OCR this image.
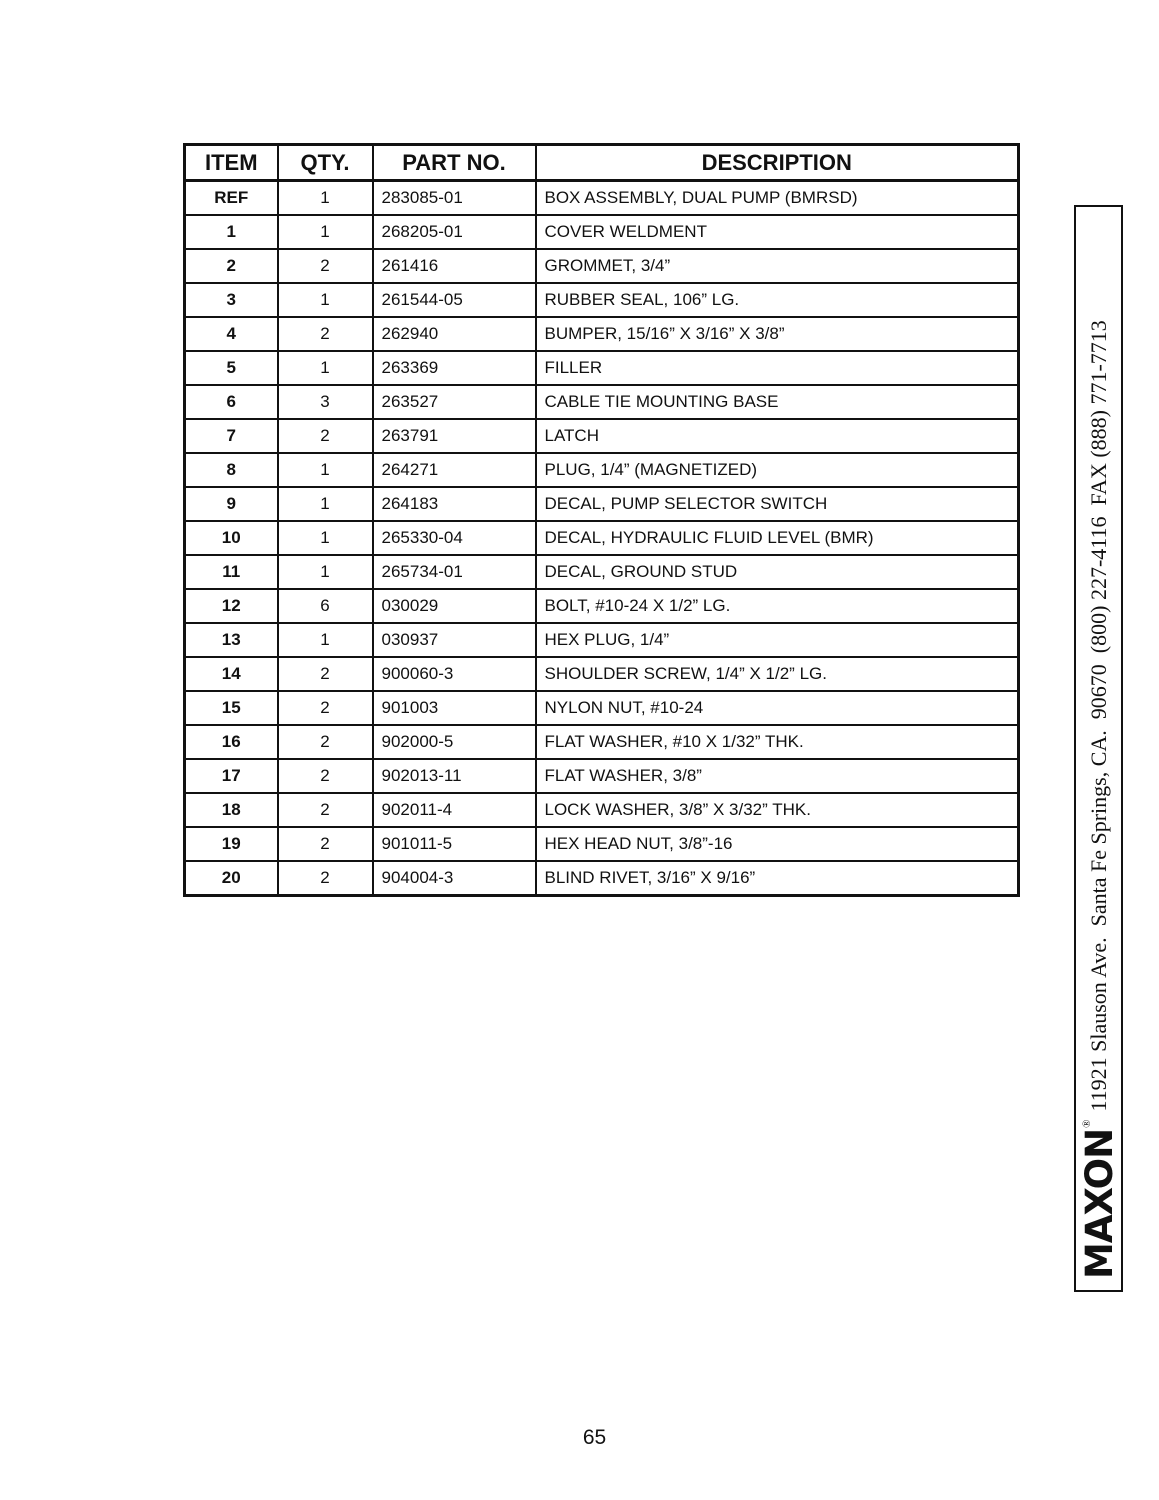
ITEM	QTY.	PART NO.	DESCRIPTION
REF	1	283085-01	BOX ASSEMBLY, DUAL PUMP (BMRSD)
1	1	268205-01	COVER WELDMENT
2	2	261416	GROMMET, 3/4”
3	1	261544-05	RUBBER SEAL, 106” LG.
4	2	262940	BUMPER, 15/16” X 3/16” X 3/8”
5	1	263369	FILLER
6	3	263527	CABLE TIE MOUNTING BASE
7	2	263791	LATCH
8	1	264271	PLUG, 1/4” (MAGNETIZED)
9	1	264183	DECAL, PUMP SELECTOR SWITCH
10	1	265330-04	DECAL, HYDRAULIC FLUID LEVEL (BMR)
11	1	265734-01	DECAL, GROUND STUD
12	6	030029	BOLT, #10-24 X 1/2” LG.
13	1	030937	HEX PLUG, 1/4”
14	2	900060-3	SHOULDER SCREW, 1/4” X 1/2” LG.
15	2	901003	NYLON NUT, #10-24
16	2	902000-5	FLAT WASHER, #10 X 1/32” THK.
17	2	902013-11	FLAT WASHER, 3/8”
18	2	902011-4	LOCK WASHER, 3/8” X 3/32” THK.
19	2	901011-5	HEX HEAD NUT, 3/8”-16
20	2	904004-3	BLIND RIVET, 3/16” X 9/16”
MAXON
®
11921 Slauson Ave.  Santa Fe Springs, CA.  90670  (800) 227-4116  FAX (888) 771-7713
65
